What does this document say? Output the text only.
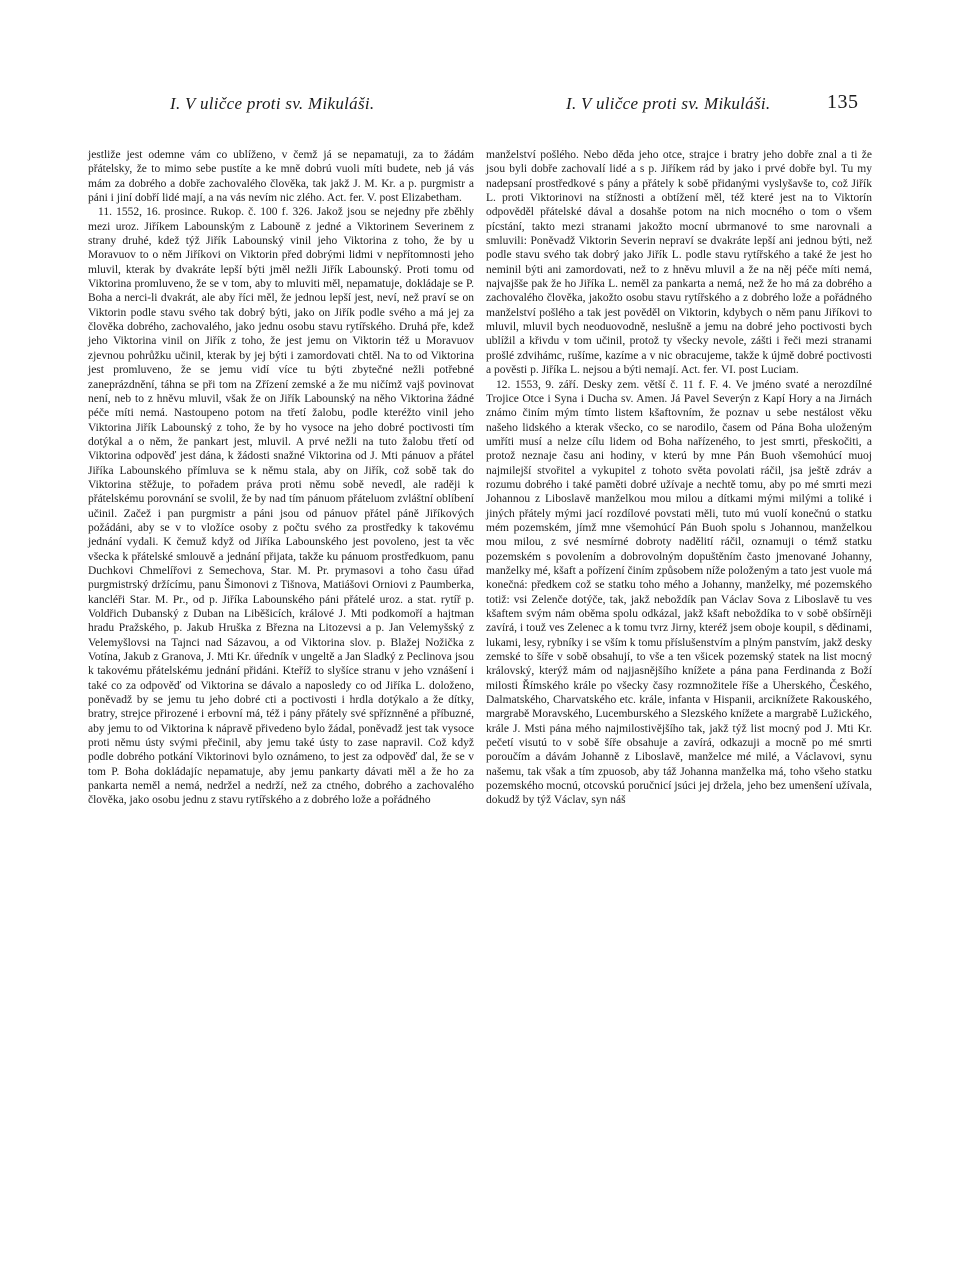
I. V uličce proti sv. Mikuláši.	I. V uličce proti sv. Mikuláši.	135

jestliže jest odemne vám co ublíženo, v čemž já se nepamatuji, za to žádám přátelsky, že to mimo sebe pustíte a ke mně dobrú vuoli míti budete, neb já vás mám za dobrého a dobře zachovalého člověka, tak jakž J. M. Kr. a p. purgmistr a páni i jiní dobří lidé mají, a na vás nevím nic zlého. Act. fer. V. post Elizabetham.

11. 1552, 16. prosince. Rukop. č. 100 f. 326. Jakož jsou se nejedny pře zběhly mezi uroz. Jiříkem Labounským z Labouně z jedné a Viktorinem Severinem z strany druhé, kdež týž Jiřík Labounský vinil jeho Viktorina z toho, že by u Moravuov to o něm Jiříkovi on Viktorin před dobrými lidmi v nepřítomnosti jeho mluvil, kterak by dvakráte lepší býti jměl nežli Jiřík Labounský. Proti tomu od Viktorina promluveno, že se v tom, aby to mluviti měl, nepamatuje, dokládaje se P. Boha a nerci-li dvakrát, ale aby říci měl, že jednou lepší jest, neví, než praví se on Viktorin podle stavu svého tak dobrý býti, jako on Jiřík podle svého a má jej za člověka dobrého, zachovalého, jako jednu osobu stavu rytířského. Druhá pře, kdež jeho Viktorina vinil on Jiřík z toho, že jest jemu on Viktorin též u Moravuov zjevnou pohrůžku učinil, kterak by jej býti i zamordovati chtěl. Na to od Viktorina jest promluveno, že se jemu vidí více tu býti zbytečné nežli potřebné zaneprázdnění, táhna se při tom na Zřízení zemské a že mu ničímž vajš povinovat není, neb to z hněvu mluvil, však že on Jiřík Labounský na něho Viktorina žádné péče míti nemá. Nastoupeno potom na třetí žalobu, podle kteréžto vinil jeho Viktorina Jiřík Labounský z toho, že by ho vysoce na jeho dobré poctivosti tím dotýkal a o něm, že pankart jest, mluvil. A prvé nežli na tuto žalobu třetí od Viktorina odpověď jest dána, k žádosti snažné Viktorina od J. Mti pánuov a přátel Jiříka Labounského přímluva se k němu stala, aby on Jiřík, což sobě tak do Viktorina stěžuje, to pořadem práva proti němu sobě nevedl, ale raději k přátelskému porovnání se svolil, že by nad tím pánuom přáteluom zvláštní oblíbení učinil. Začež i pan purgmistr a páni jsou od pánuov přátel páně Jiříkových požádáni, aby se v to vložíce osoby z počtu svého za prostředky k takovému jednání vydali. K čemuž když od Jiříka Labounského jest povoleno, jest ta věc všecka k přátelské smlouvě a jednání přijata, takže ku pánuom prostředkuom, panu Duchkovi Chmelířovi z Semechova, Star. M. Pr. prymasovi a toho času úřad purgmistrský držícímu, panu Šimonovi z Tišnova, Matiášovi Orniovi z Paumberka, kancléři Star. M. Pr., od p. Jiříka Labounského páni přátelé uroz. a stat. rytíř p. Voldřich Dubanský z Duban na Liběšicích, králové J. Mti podkomoří a hajtman hradu Pražského, p. Jakub Hruška z Března na Litozevsi a p. Jan Velemyšský z Velemyšlovsi na Tajnci nad Sázavou, a od Viktorina slov. p. Blažej Nožička z Votína, Jakub z Granova, J. Mti Kr. úředník v ungeltě a Jan Sladký z Peclinova jsou k takovému přátelskému jednání přidáni. Kteříž to slyšíce stranu v jeho vznášení i také co za odpověď od Viktorina se dávalo a naposledy co od Jiříka L. doloženo, poněvadž by se jemu tu jeho dobré cti a poctivosti i hrdla dotýkalo a že dítky, bratry, strejce přirozené i erbovní má, též i pány přátely své spříznněné a příbuzné, aby jemu to od Viktorina k nápravě přivedeno bylo žádal, poněvadž jest tak vysoce proti němu ústy svými přečinil, aby jemu také ústy to zase napravil. Což když podle dobrého potkání Viktorinovi bylo oznámeno, to jest za odpověď dal, že se v tom P. Boha dokládajíc nepamatuje, aby jemu pankarty dávati měl a že ho za pankarta neměl a nemá, nedržel a nedrží, než za ctného, dobrého a zachovalého člověka, jako osobu jednu z stavu rytířského a z dobrého lože a pořádného

manželství pošlého. Nebo děda jeho otce, strajce i bratry jeho dobře znal a ti že jsou byli dobře zachovalí lidé a s p. Jiříkem rád by jako i prvé dobře byl. Tu my nadepsaní prostředkové s pány a přátely k sobě přidanými vyslyšavše to, což Jiřík L. proti Viktorinovi na stížnosti a obtížení měl, též které jest na to Viktorín odpověděl přátelské dával a dosahše potom na nich mocného o tom o všem pícstání, takto mezi stranami jakožto mocní ubrmanové to sme narovnali a smluvili: Poněvadž Viktorin Severin nepraví se dvakráte lepší ani jednou býti, než podle stavu svého tak dobrý jako Jiřík L. podle stavu rytířského a také že jest ho neminil býti ani zamordovati, než to z hněvu mluvil a že na něj péče míti nemá, najvajšše pak že ho Jiříka L. neměl za pankarta a nemá, než že ho má za dobrého a zachovalého člověka, jakožto osobu stavu rytířského a z dobrého lože a pořádného manželství pošlého a tak jest pověděl on Viktorin, kdybych o něm panu Jiříkovi to mluvil, mluvil bych neoduovodně, neslušně a jemu na dobré jeho poctivosti bych ublížil a křivdu v tom učinil, protož ty všecky nevole, zášti i řeči mezi stranami prošlé zdvihámc, rušíme, kazíme a v nic obracujeme, takže k újmě dobré poctivosti a pověsti p. Jiříka L. nejsou a býti nemají. Act. fer. VI. post Luciam.

12. 1553, 9. září. Desky zem. větší č. 11 f. F. 4. Ve jméno svaté a nerozdílné Trojice Otce i Syna i Ducha sv. Amen. Já Pavel Severýn z Kapí Hory a na Jirnách známo činím mým tímto listem kšaftovním, že poznav u sebe nestálost věku našeho lidského a kterak všecko, co se narodilo, časem od Pána Boha uloženým umříti musí a nelze cílu lidem od Boha nařízeného, to jest smrti, přeskočiti, a protož neznaje času ani hodiny, v kterú by mne Pán Buoh všemohúcí muoj najmilejší stvořitel a vykupitel z tohoto světa povolati ráčil, jsa ještě zdráv a rozumu dobrého i také paměti dobré užívaje a nechtě tomu, aby po mé smrti mezi Johannou z Liboslavě manželkou mou milou a dítkami mými milými a toliké i jiných přátely mými jací rozdílové povstati měli, tuto mú vuolí konečnú o statku mém pozemském, jímž mne všemohúcí Pán Buoh spolu s Johannou, manželkou mou milou, z své nesmírné dobroty nadělití ráčil, oznamuji o témž statku pozemském s povolením a dobrovolným dopuštěním často jmenované Johanny, manželky mé, kšaft a pořízení činím způsobem níže položeným a tato jest vuole má konečná: předkem což se statku toho mého a Johanny, manželky, mé pozemského totiž: vsi Zelenče dotýče, tak, jakž neboždík pan Václav Sova z Liboslavě tu ves kšaftem svým nám oběma spolu odkázal, jakž kšaft neboždíka to v sobě obšírněji zavírá, i touž ves Zelenec a k tomu tvrz Jirny, kteréž jsem oboje koupil, s dědinami, lukami, lesy, rybníky i se vším k tomu příslušenstvím a plným panstvím, jakž desky zemské to šíře v sobě obsahují, to vše a ten všicek pozemský statek na list mocný královský, kterýž mám od najjasnějšího knížete a pána pana Ferdinanda z Boží milosti Římského krále po všecky časy rozmnožitele říše a Uherského, Českého, Dalmatského, Charvatského etc. krále, infanta v Hispanii, arciknížete Rakouského, margrabě Moravského, Lucemburského a Slezského knížete a margrabě Lužického, krále J. Msti pána mého najmilostivějšího tak, jakž týž list mocný pod J. Mti Kr. pečetí visutú to v sobě šíře obsahuje a zavírá, odkazuji a mocně po mé smrti poroučím a dávám Johanně z Liboslavě, manželce mé milé, a Václavovi, synu našemu, tak však a tím zpuosob, aby táž Johanna manželka má, toho všeho statku pozemského mocnú, otcovskú poručnicí jsúci jej držela, jeho bez umenšení užívala, dokudž by týž Václav, syn náš
